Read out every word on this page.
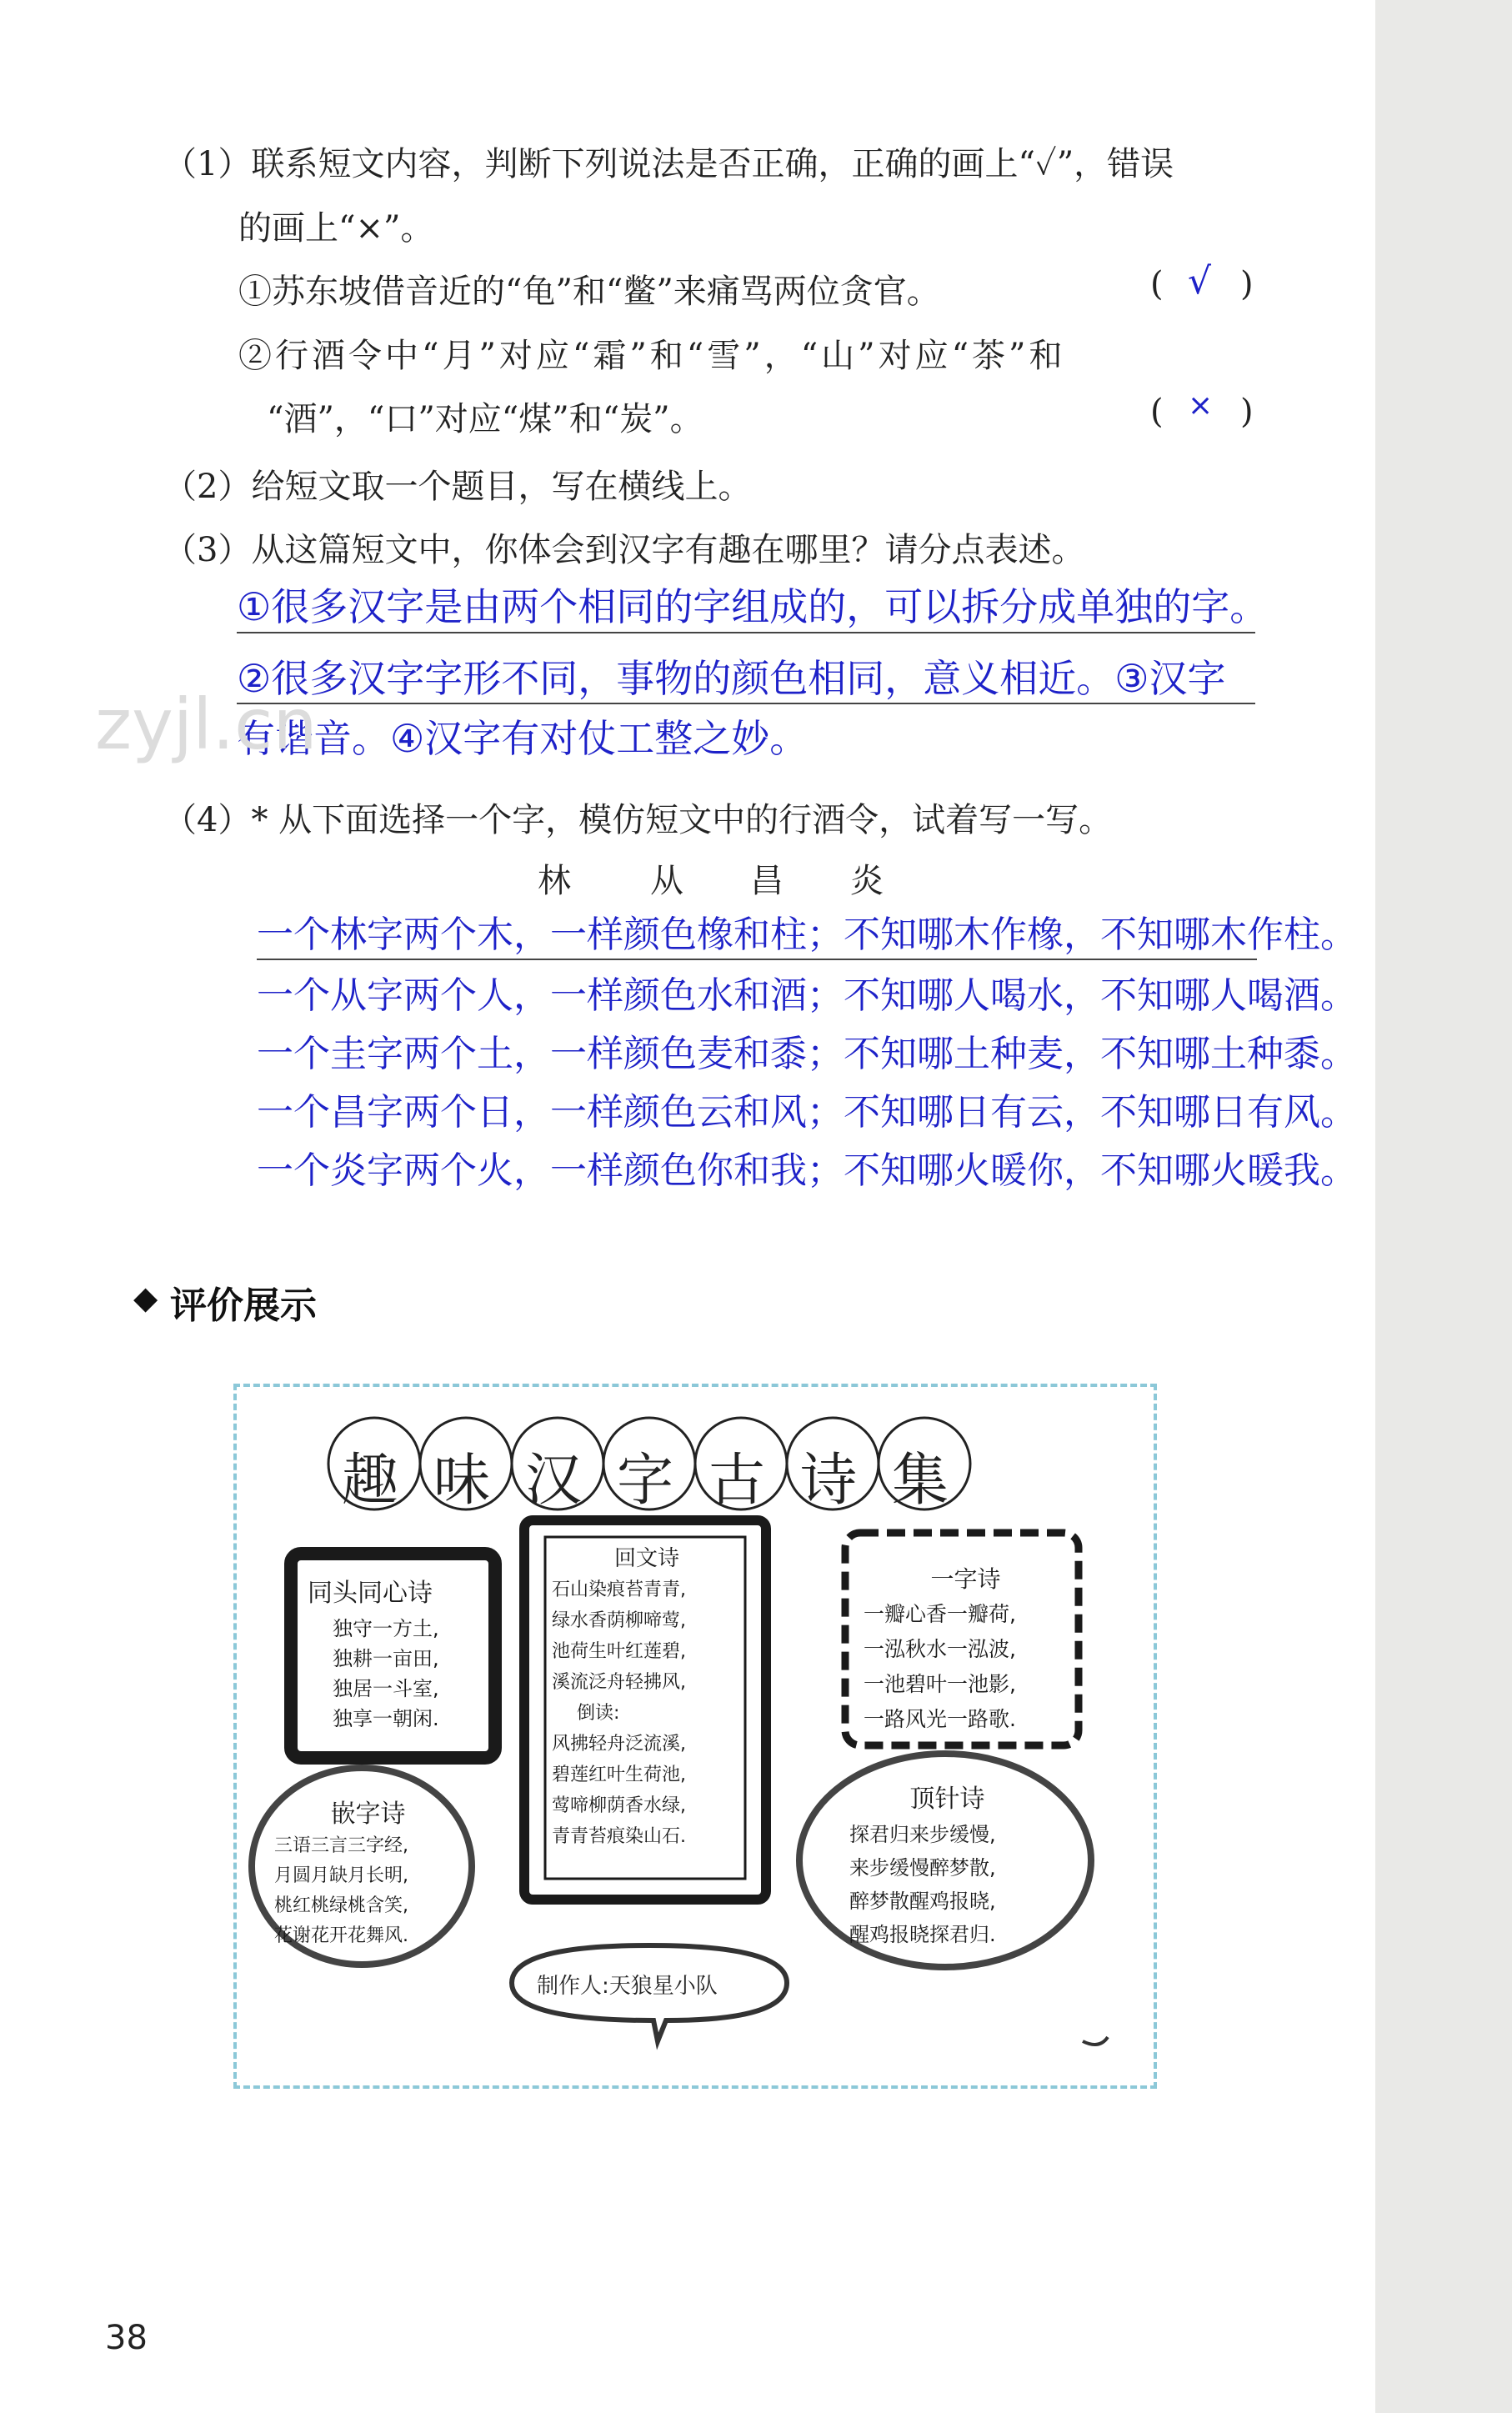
（1）联系短文内容，判断下列说法是否正确，正确的画上“✓”，错误
的画上“×”。
①苏东坡借音近的“龟”和“鳖”来痛骂两位贪官。	( √ )
②行酒令中“月”对应“霜”和“雪”，“山”对应“茶”和
“酒”，“口”对应“煤”和“炭”。	( × )
（2）给短文取一个题目，写在横线上。
（3）从这篇短文中，你体会到汉字有趣在哪里？请分点表述。
①很多汉字是由两个相同的字组成的，可以拆分成单独的字。
②很多汉字字形不同，事物的颜色相同，意义相近。③汉字
有谐音。④汉字有对仗工整之妙。
zyjl.cn
（4）* 从下面选择一个字，模仿短文中的行酒令，试着写一写。
林 从 昌 炎
一个林字两个木，一样颜色橡和柱；不知哪木作橡，不知哪木作柱。
一个从字两个人，一样颜色水和酒；不知哪人喝水，不知哪人喝酒。
一个圭字两个土，一样颜色麦和黍；不知哪土种麦，不知哪土种黍。
一个昌字两个日，一样颜色云和风；不知哪日有云，不知哪日有风。
一个炎字两个火，一样颜色你和我；不知哪火暖你，不知哪火暖我。
◆ 评价展示
趣 味 汉 字 古 诗 集
同头同心诗
独守一方土,
独耕一亩田,
独居一斗室,
独享一朝闲.
回文诗
石山染痕苔青青,
绿水香荫柳啼莺,
池荷生叶红莲碧,
溪流泛舟轻拂风,
倒读:
风拂轻舟泛流溪,
碧莲红叶生荷池,
莺啼柳荫香水绿,
青青苔痕染山石.
一字诗
一瓣心香一瓣荷,
一泓秋水一泓波,
一池碧叶一池影,
一路风光一路歌.
嵌字诗
三语三言三字经,
月圆月缺月长明,
桃红桃绿桃含笑,
花谢花开花舞风.
顶针诗
探君归来步缓慢,
来步缓慢醉梦散,
醉梦散醒鸡报晓,
醒鸡报晓探君归.
制作人:天狼星小队
38
